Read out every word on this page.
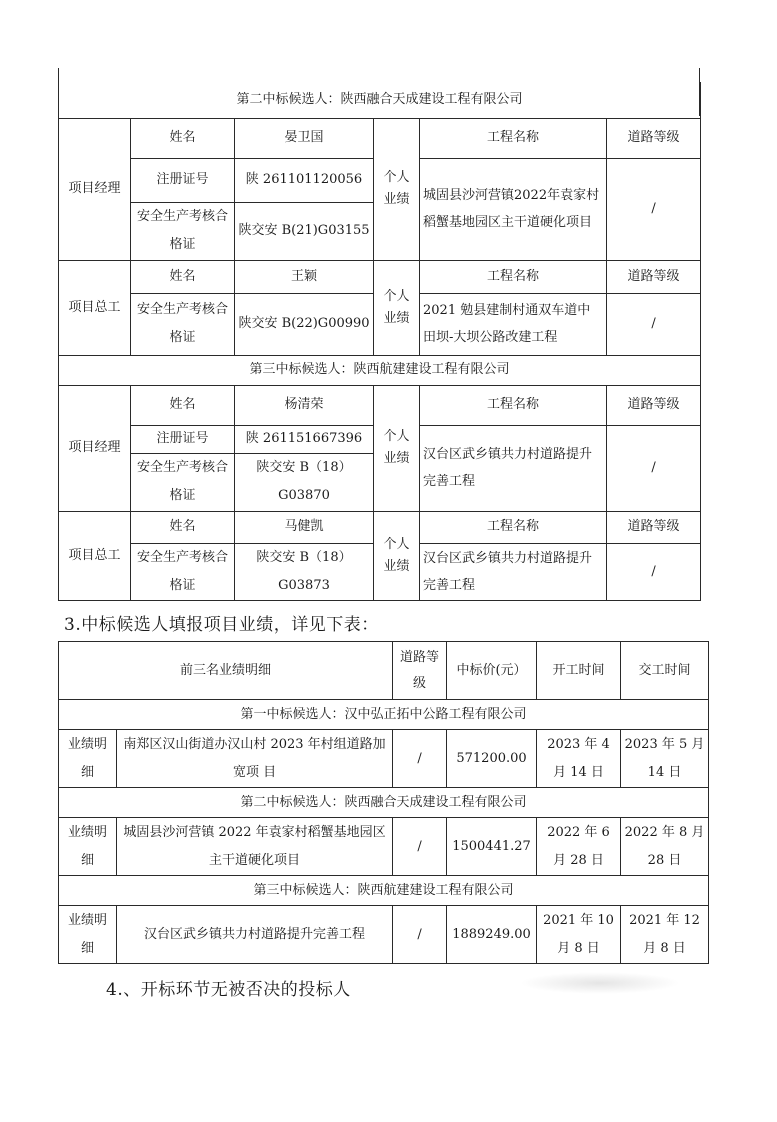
第二中标候选人：陕西融合天成建设工程有限公司					
项目经理	姓名	晏卫国	个人业绩	工程名称	道路等级
	注册证号	陕 261101120056		城固县沙河营镇2022年袁家村稻蟹基地园区主干道硬化项目	/
	安全生产考核合格证	陕交安 B(21)G03155			
项目总工	姓名	王颖	个人业绩	工程名称	道路等级
	安全生产考核合格证	陕交安 B(22)G00990		2021 勉县建制村通双车道中田坝-大坝公路改建工程	/
第三中标候选人：陕西航建建设工程有限公司					
项目经理	姓名	杨清荣	个人业绩	工程名称	道路等级
	注册证号	陕 261151667396		汉台区武乡镇共力村道路提升完善工程	/
	安全生产考核合格证	陕交安 B（18）G03870			
项目总工	姓名	马健凯	个人业绩	工程名称	道路等级
	安全生产考核合格证	陕交安 B（18）G03873		汉台区武乡镇共力村道路提升完善工程	/
3.中标候选人填报项目业绩，详见下表：
前三名业绩明细		道路等级	中标价(元）	开工时间	交工时间
第一中标候选人：汉中弘正拓中公路工程有限公司					
业绩明细	南郑区汉山街道办汉山村 2023 年村组道路加宽项 目	/	571200.00	2023 年 4 月 14 日	2023 年 5 月 14 日
第二中标候选人：陕西融合天成建设工程有限公司					
业绩明细	城固县沙河营镇 2022 年袁家村稻蟹基地园区主干道硬化项目	/	1500441.27	2022 年 6 月 28 日	2022 年 8 月 28 日
第三中标候选人：陕西航建建设工程有限公司					
业绩明细	汉台区武乡镇共力村道路提升完善工程	/	1889249.00	2021 年 10 月 8 日	2021 年 12 月 8 日
4.、开标环节无被否决的投标人
